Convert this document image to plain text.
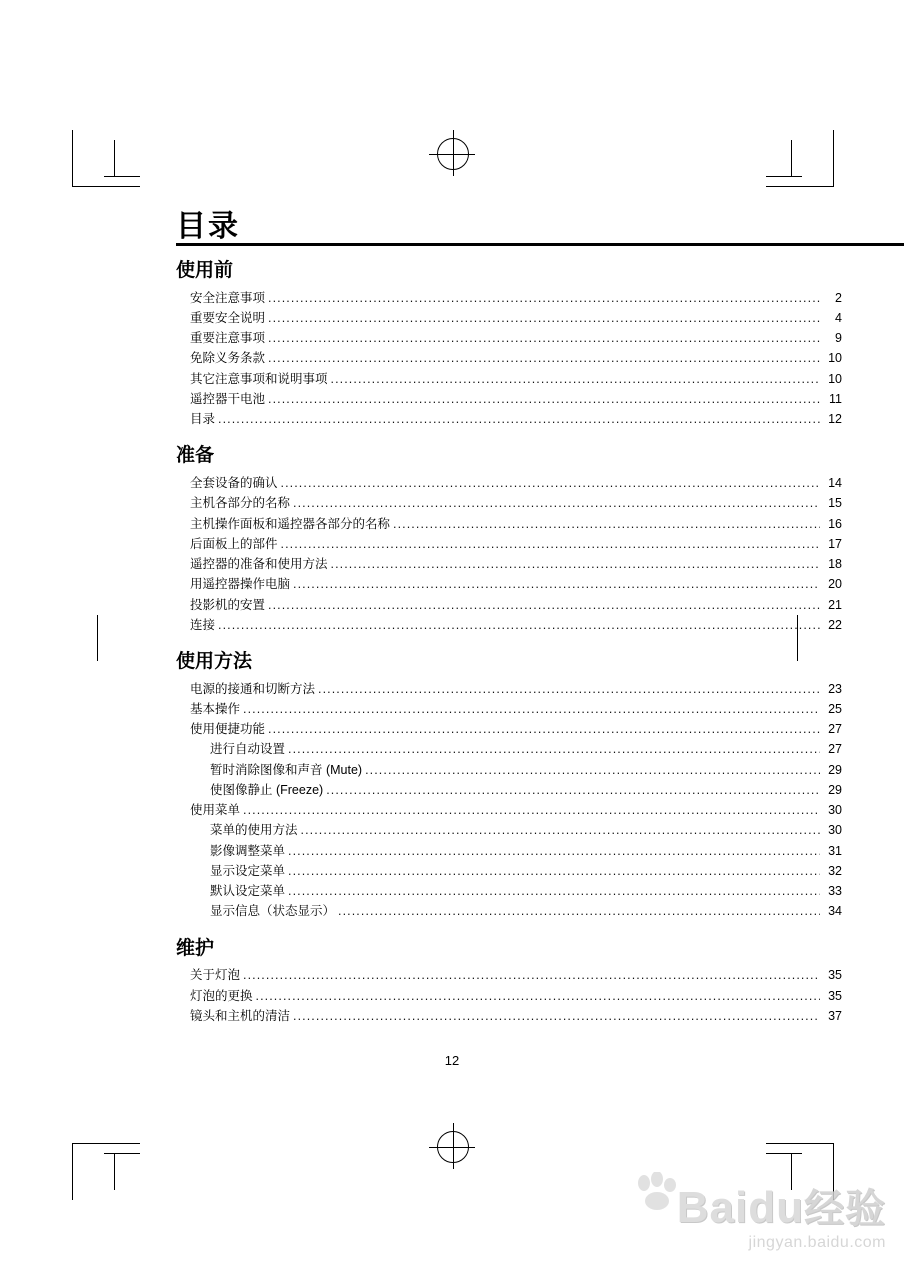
目录
使用前
安全注意事项 .....	2
重要安全说明 .....	4
重要注意事项 .....	9
免除义务条款 .....	10
其它注意事项和说明事项 .....	10
遥控器干电池 .....	11
目录 .....	12
准备
全套设备的确认 .....	14
主机各部分的名称 .....	15
主机操作面板和遥控器各部分的名称 .....	16
后面板上的部件 .....	17
遥控器的准备和使用方法 .....	18
用遥控器操作电脑 .....	20
投影机的安置 .....	21
连接 .....	22
使用方法
电源的接通和切断方法 .....	23
基本操作 .....	25
使用便捷功能 .....	27
进行自动设置 .....	27
暂时消除图像和声音 (Mute) .....	29
使图像静止 (Freeze) .....	29
使用菜单 .....	30
菜单的使用方法 .....	30
影像调整菜单 .....	31
显示设定菜单 .....	32
默认设定菜单 .....	33
显示信息（状态显示） .....	34
维护
关于灯泡 .....	35
灯泡的更换 .....	35
镜头和主机的清洁 .....	37
12
Baidu经验
jingyan.baidu.com
